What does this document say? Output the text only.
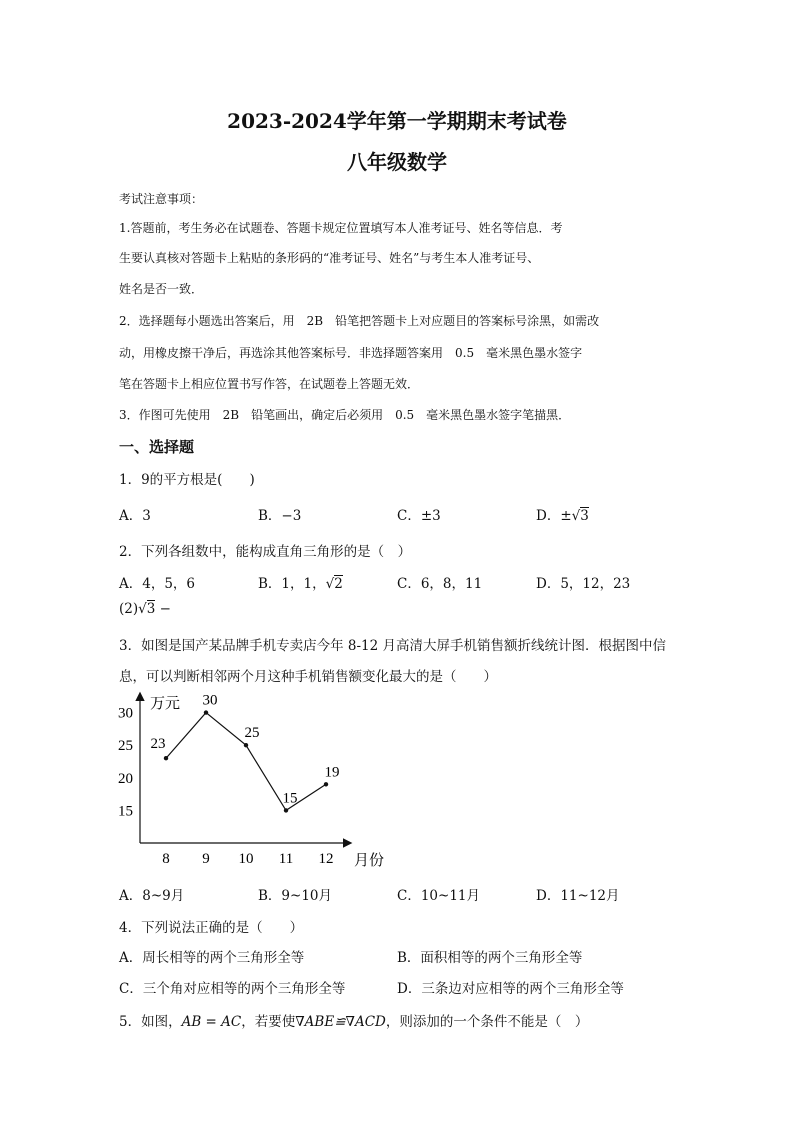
2023-2024学年第一学期期末考试卷
八年级数学
考试注意事项：
1.答题前，考生务必在试题卷、答题卡规定位置填写本人准考证号、姓名等信息．考
生要认真核对答题卡上粘贴的条形码的“准考证号、姓名”与考生本人准考证号、
姓名是否一致．
2．选择题每小题选出答案后，用　2B　铅笔把答题卡上对应题目的答案标号涂黑，如需改
动，用橡皮擦干净后，再选涂其他答案标号．非选择题答案用　0.5　毫米黑色墨水签字
笔在答题卡上相应位置书写作答，在试题卷上答题无效．
3．作图可先使用　2B　铅笔画出，确定后必须用　0.5　毫米黑色墨水签字笔描黑．
一、选择题
1．9的平方根是(　　)
A．3	B．−3	C．±3	D．±√3
2．下列各组数中，能构成直角三角形的是（　）
A．4，5，6	B．1，1，√2	C．6，8，11	D．5，12，23
(2)√3 −
3．如图是国产某品牌手机专卖店今年 8-12 月高清大屏手机销售额折线统计图．根据图中信
息，可以判断相邻两个月这种手机销售额变化最大的是（　　）
万元
月份
15
20
25
30
8 9 10 11 12
23
30
25
15
19
A．8~9月	B．9~10月	C．10~11月	D．11~12月
4．下列说法正确的是（　　）
A．周长相等的两个三角形全等	B．面积相等的两个三角形全等
C．三个角对应相等的两个三角形全等	D．三条边对应相等的两个三角形全等
5．如图，AB = AC，若要使∇ABE≌∇ACD，则添加的一个条件不能是（　）
